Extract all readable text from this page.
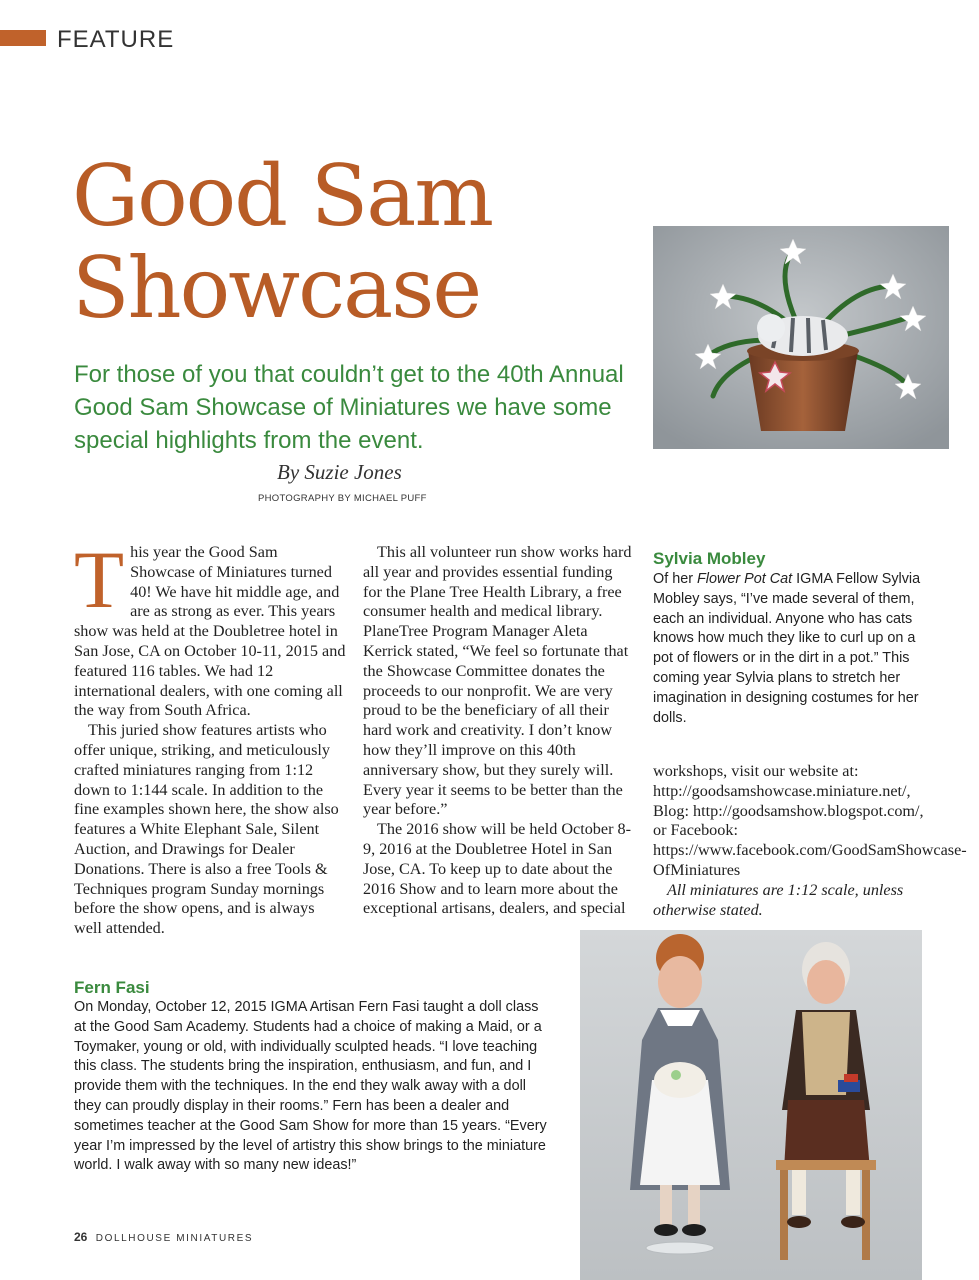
FEATURE
Good Sam
Showcase

For those of you that couldn’t get to the 40th Annual Good Sam Showcase of Miniatures we have some special highlights from the event.

By Suzie Jones
PHOTOGRAPHY BY MICHAEL PUFF

This year the Good Sam Showcase of Miniatures turned 40! We have hit middle age, and are as strong as ever. This years show was held at the Doubletree hotel in San Jose, CA on October 10-11, 2015 and featured 116 tables. We had 12 international dealers, with one coming all the way from South Africa.

This juried show features artists who offer unique, striking, and meticulously crafted miniatures ranging from 1:12 down to 1:144 scale. In addition to the fine examples shown here, the show also features a White Elephant Sale, Silent Auction, and Drawings for Dealer Donations. There is also a free Tools & Techniques program Sunday mornings before the show opens, and is always well attended.

This all volunteer run show works hard all year and provides essential funding for the Plane Tree Health Library, a free consumer health and medical library. PlaneTree Program Manager Aleta Kerrick stated, “We feel so fortunate that the Showcase Committee donates the proceeds to our nonprofit. We are very proud to be the beneficiary of all their hard work and creativity. I don’t know how they’ll improve on this 40th anniversary show, but they surely will. Every year it seems to be better than the year before.”

The 2016 show will be held October 8-9, 2016 at the Doubletree Hotel in San Jose, CA. To keep up to date about the 2016 Show and to learn more about the exceptional artisans, dealers, and special

Sylvia Mobley

Of her Flower Pot Cat IGMA Fellow Sylvia Mobley says, “I’ve made several of them, each an individual. Anyone who has cats knows how much they like to curl up on a pot of flowers or in the dirt in a pot.” This coming year Sylvia plans to stretch her imagination in designing costumes for her dolls.

workshops, visit our website at: http://goodsamshowcase.miniature.net/, Blog: http://goodsamshow.blogspot.com/, or Facebook: https://www.facebook.com/GoodSamShowcase-OfMiniatures

All miniatures are 1:12 scale, unless otherwise stated.

Fern Fasi

On Monday, October 12, 2015 IGMA Artisan Fern Fasi taught a doll class at the Good Sam Academy. Students had a choice of making a Maid, or a Toymaker, young or old, with individually sculpted heads. “I love teaching this class. The students bring the inspiration, enthusiasm, and fun, and I provide them with the techniques. In the end they walk away with a doll they can proudly display in their rooms.” Fern has been a dealer and sometimes teacher at the Good Sam Show for more than 15 years. “Every year I’m impressed by the level of artistry this show brings to the miniature world. I walk away with so many new ideas!”

26 DOLLHOUSE MINIATURES
